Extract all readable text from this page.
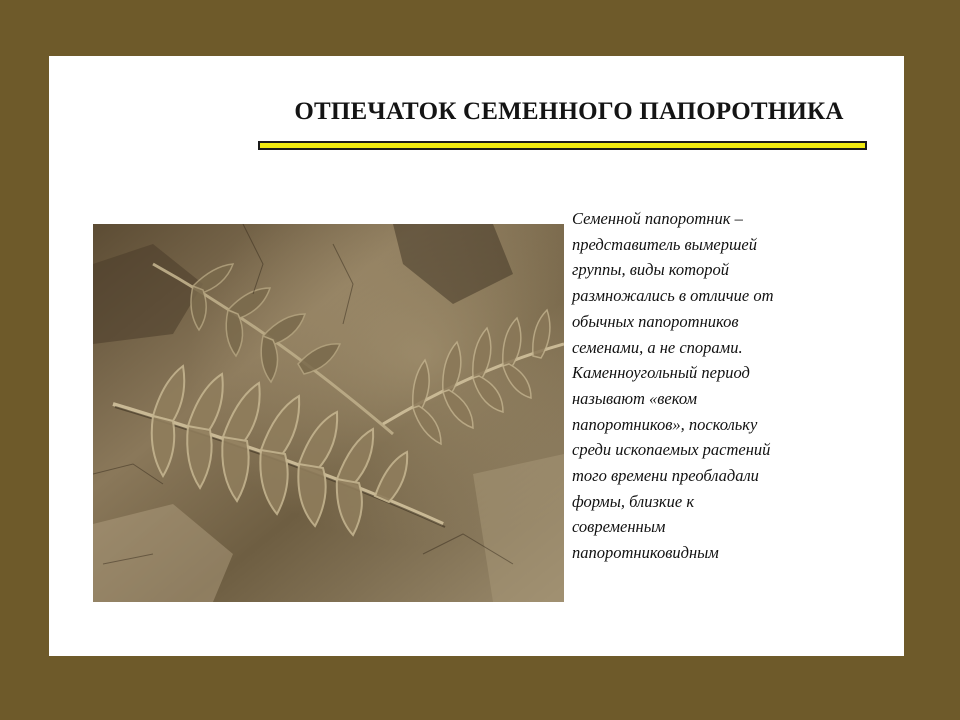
ОТПЕЧАТОК СЕМЕННОГО ПАПОРОТНИКА
Семенной папоротник –
представитель вымершей
группы, виды которой
размножались в отличие от
обычных папоротников
семенами, а не спорами.
Каменноугольный период
называют «веком
папоротников», поскольку
среди ископаемых растений
того времени преобладали
формы, близкие к
современным
папоротниковидным
